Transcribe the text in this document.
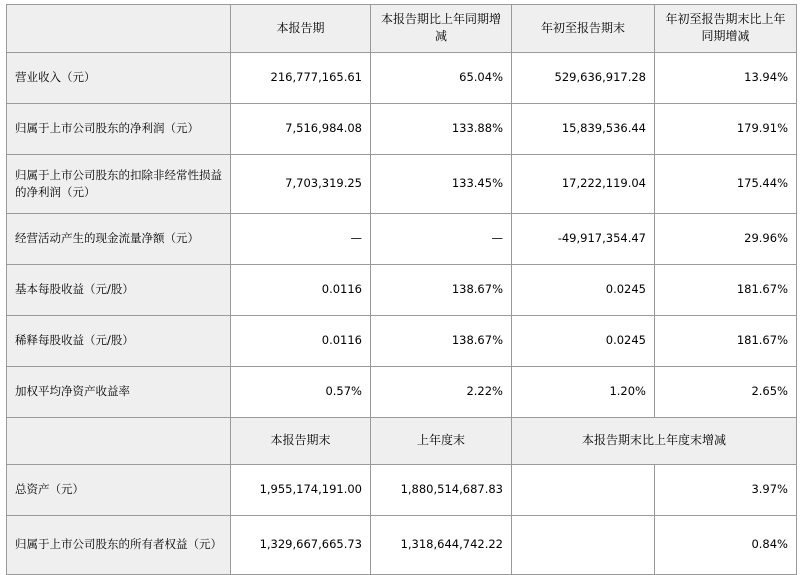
	本报告期	本报告期比上年同期增减	年初至报告期末	年初至报告期末比上年同期增减
营业收入（元）	216,777,165.61	65.04%	529,636,917.28	13.94%
归属于上市公司股东的净利润（元）	7,516,984.08	133.88%	15,839,536.44	179.91%
归属于上市公司股东的扣除非经常性损益的净利润（元）	7,703,319.25	133.45%	17,222,119.04	175.44%
经营活动产生的现金流量净额（元）	—	—	-49,917,354.47	29.96%
基本每股收益（元/股）	0.0116	138.67%	0.0245	181.67%
稀释每股收益（元/股）	0.0116	138.67%	0.0245	181.67%
加权平均净资产收益率	0.57%	2.22%	1.20%	2.65%
	本报告期末	上年度末	本报告期末比上年度末增减	
总资产（元）	1,955,174,191.00	1,880,514,687.83		3.97%
归属于上市公司股东的所有者权益（元）	1,329,667,665.73	1,318,644,742.22		0.84%
